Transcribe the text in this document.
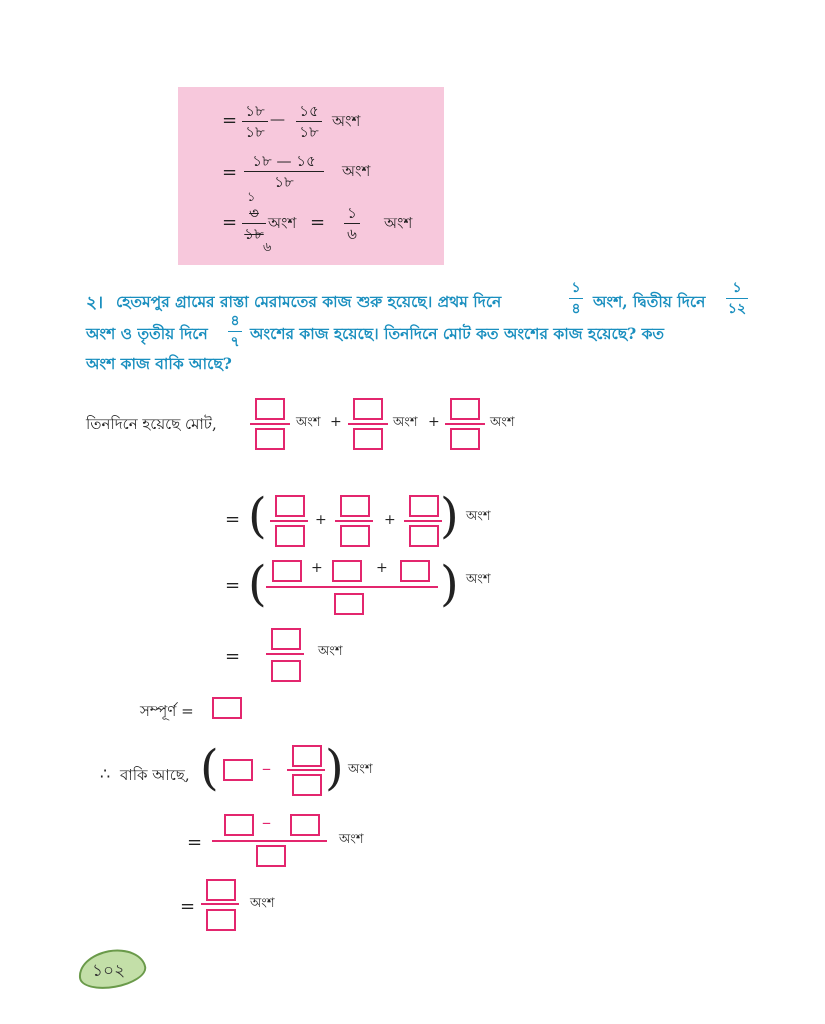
= ১৮
১৮
— ১৫
১৮
অংশ
=
১৮ — ১৫
১৮
অংশ
১
= ৩
১৮
৬
অংশ = ১
৬
অংশ
২। হেতমপুর গ্রামের রাস্তা মেরামতের কাজ শুরু হয়েছে। প্রথম দিনে
১
৪ অংশ, দ্বিতীয় দিনে
১
১২
অংশ ও তৃতীয় দিনে
৪
৭ অংশের কাজ হয়েছে। তিনদিনে মোট কত অংশের কাজ হয়েছে? কত
অংশ কাজ বাকি আছে?
তিনদিনে হয়েছে মোট,	অংশ +	অংশ +	অংশ
= (	+	+ ) অংশ
= (	+	+ ) অংশ
=	অংশ
সম্পূর্ণ =
∴ বাকি আছে, ( – ) অংশ
=
–
অংশ
=	অংশ
১০২
